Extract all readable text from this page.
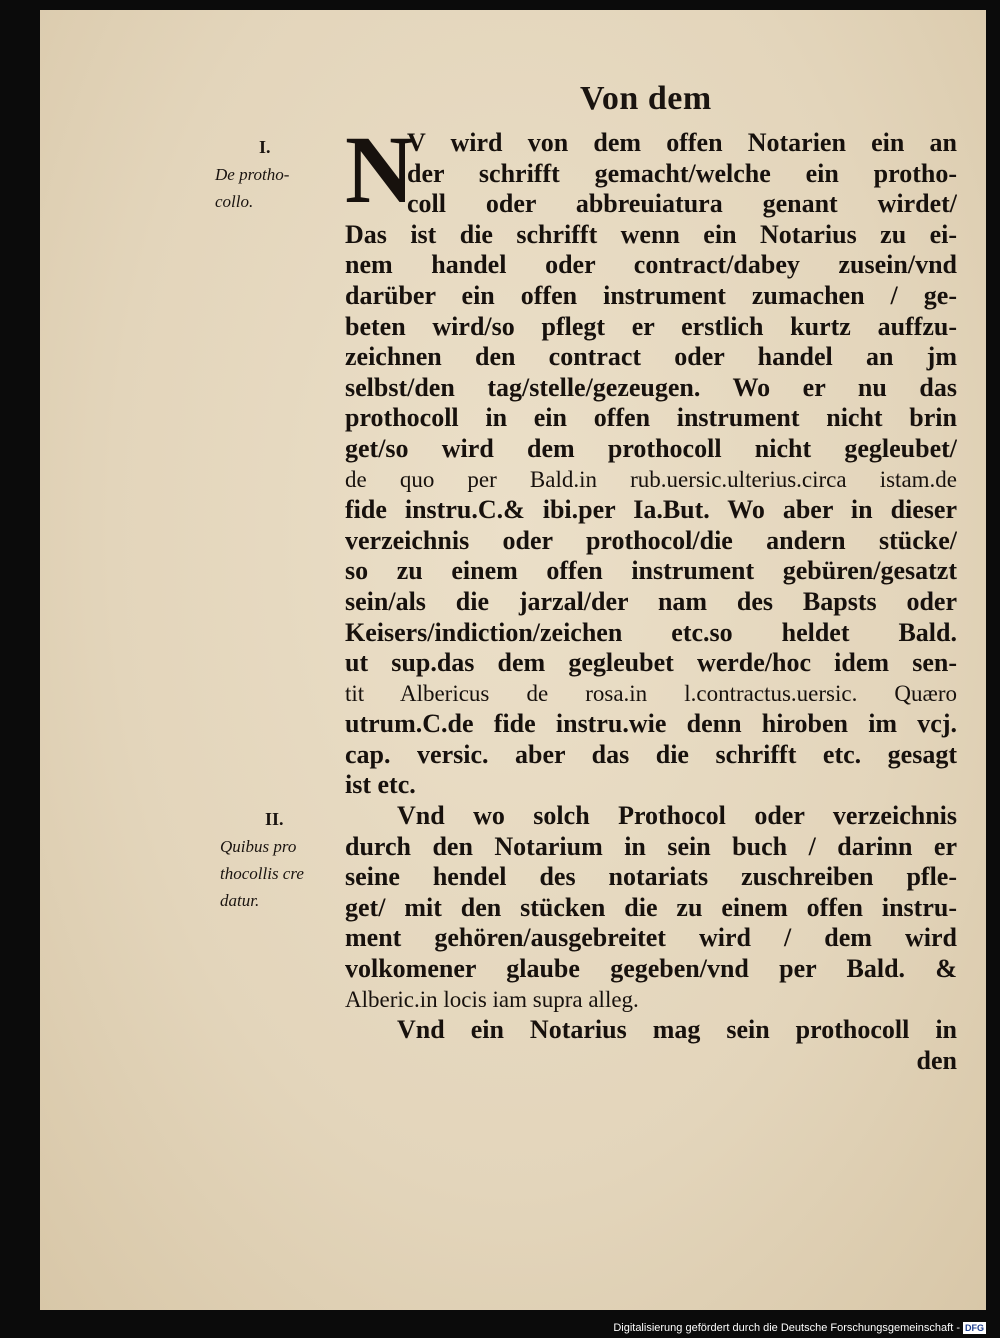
Von dem
I.
De protho-
collo.
II.
Quibus pro
thocollis cre
datur.
N
V wird von dem offen Notarien ein an
der schrifft gemacht/welche ein protho-
coll oder abbreuiatura genant wirdet/
Das ist die schrifft wenn ein Notarius zu ei-
nem handel oder contract/dabey zusein/vnd
darüber ein offen instrument zumachen / ge-
beten wird/so pflegt er erstlich kurtz auffzu-
zeichnen den contract oder handel an jm
selbst/den tag/stelle/gezeugen. Wo er nu das
prothocoll in ein offen instrument nicht brin
get/so wird dem prothocoll nicht gegleubet/
de quo per Bald.in rub.uersic.ulterius.circa istam.de
fide instru.C.& ibi.per Ia.But. Wo aber in dieser
verzeichnis oder prothocol/die andern stücke/
so zu einem offen instrument gebüren/gesatzt
sein/als die jarzal/der nam des Bapsts oder
Keisers/indiction/zeichen etc.so heldet Bald.
ut sup.das dem gegleubet werde/hoc idem sen-
tit Albericus de rosa.in l.contractus.uersic. Quæro
utrum.C.de fide instru.wie denn hiroben im vcj.
cap. versic. aber das die schrifft etc. gesagt
ist etc.
Vnd wo solch Prothocol oder verzeichnis
durch den Notarium in sein buch / darinn er
seine hendel des notariats zuschreiben pfle-
get/ mit den stücken die zu einem offen instru-
ment gehören/ausgebreitet wird / dem wird
volkomener glaube gegeben/vnd per Bald. &
Alberic.in locis iam supra alleg.
Vnd ein Notarius mag sein prothocoll in
den
Digitalisierung gefördert durch die Deutsche Forschungsgemeinschaft - DFG
